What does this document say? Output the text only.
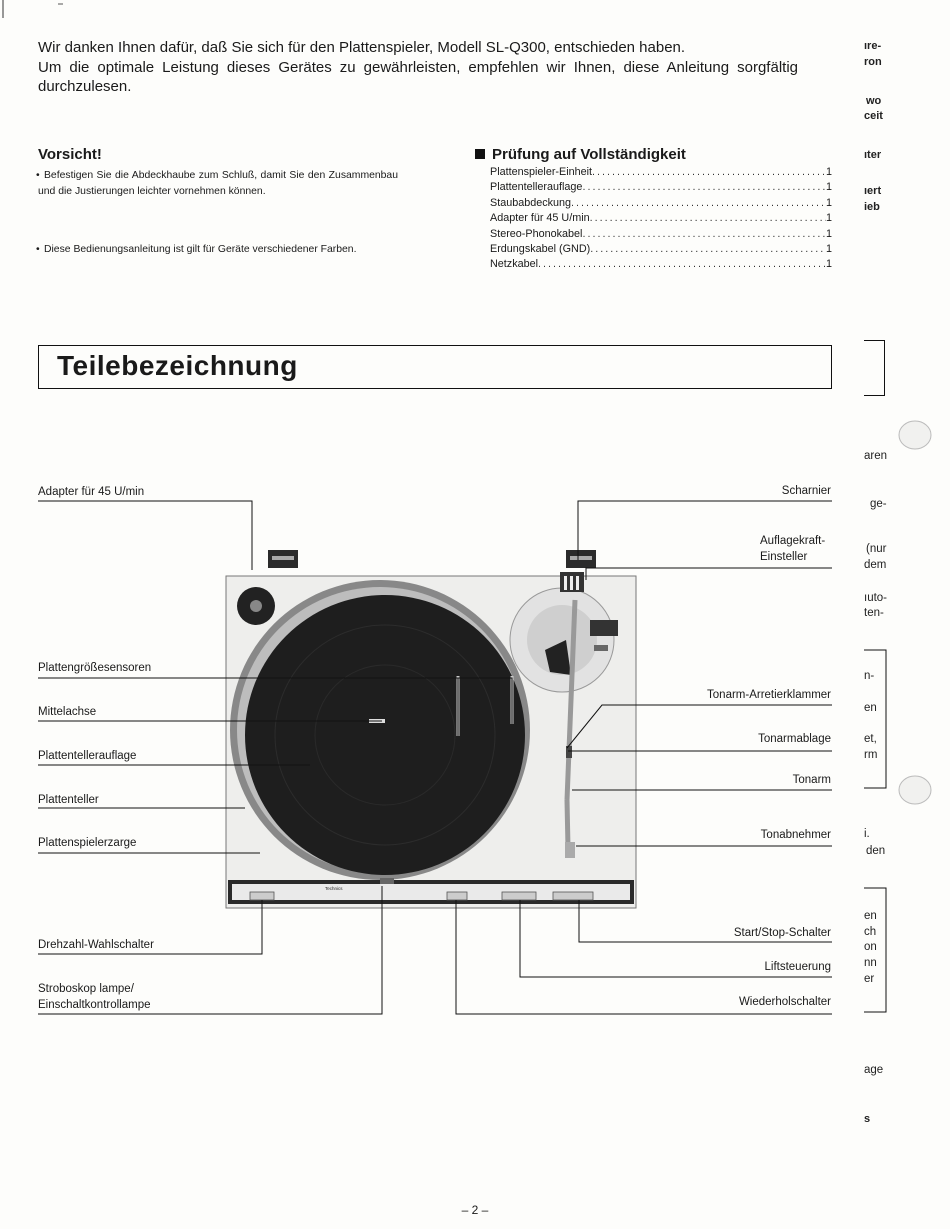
Wir danken Ihnen dafür, daß Sie sich für den Plattenspieler, Modell SL-Q300, entschieden haben.

Um die optimale Leistung dieses Gerätes zu gewährleisten, empfehlen wir Ihnen, diese Anleitung sorgfältig durchzulesen.

Vorsicht!
• Befestigen Sie die Abdeckhaube zum Schluß, damit Sie den Zusammenbau und die Justierungen leichter vornehmen können.
• Diese Bedienungsanleitung ist gilt für Geräte verschiedener Farben.
Prüfung auf Vollständigkeit
Plattenspieler-Einheit . . .	1
Plattentellerauflage . . .	1
Staubabdeckung . . .	1
Adapter für 45 U/min . . .	1
Stereo-Phonokabel . . .	1
Erdungskabel (GND) . . .	1
Netzkabel . . .	1
Teilebezeichnung
Technics
Adapter für 45 U/min
Plattengrößesensoren
Mittelachse
Plattentellerauflage
Plattenteller
Plattenspielerzarge
Drehzahl-Wahlschalter
Stroboskop lampe/
Einschaltkontrollampe
Scharnier
Auflagekraft-
Einsteller
Tonarm-Arretierklammer
Tonarmablage
Tonarm
Tonabnehmer
Start/Stop-Schalter
Liftsteuerung
Wiederholschalter
ıre-
ron
wo
ceit
ıter
ıert
ieb
aren
ge-
(nur
dem
ıuto-
ten-
n-
en
et,
rm
i.
den
en
ch
on
nn
er
age
s
– 2 –
